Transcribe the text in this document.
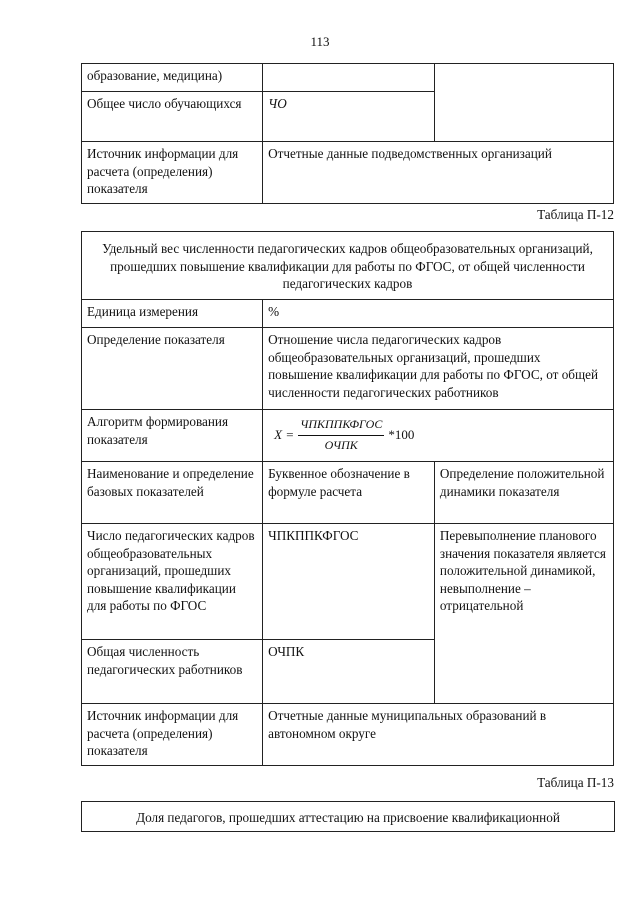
113
образование, медицина)		
Общее число обучающихся	ЧО	
Источник информации для расчета (определения) показателя	Отчетные данные подведомственных организаций	
Таблица П-12
Удельный вес численности педагогических кадров общеобразовательных организаций, прошедших повышение квалификации для работы по ФГОС, от общей численности педагогических кадров		
Единица измерения	%	
Определение показателя	Отношение числа педагогических кадров общеобразовательных организаций, прошедших повышение квалификации для работы по ФГОС, от общей численности педагогических работников	
Алгоритм формирования показателя	$X = \frac{\text{ЧПКППКФГОС}}{\text{ОЧПК}} *100$	

Наименование и определение базовых показателей	Буквенное обозначение в формуле расчета	Определение положительной динамики показателя
Число педагогических кадров общеобразовательных организаций, прошедших повышение квалификации для работы по ФГОС	ЧПКППКФГОС	Перевыполнение планового значения показателя является положительной динамикой, невыполнение – отрицательной
Общая численность педагогических работников	ОЧПК	
Источник информации для расчета (определения) показателя	Отчетные данные муниципальных образований в автономном округе	
Таблица П-13
Доля педагогов, прошедших аттестацию на присвоение квалификационной
